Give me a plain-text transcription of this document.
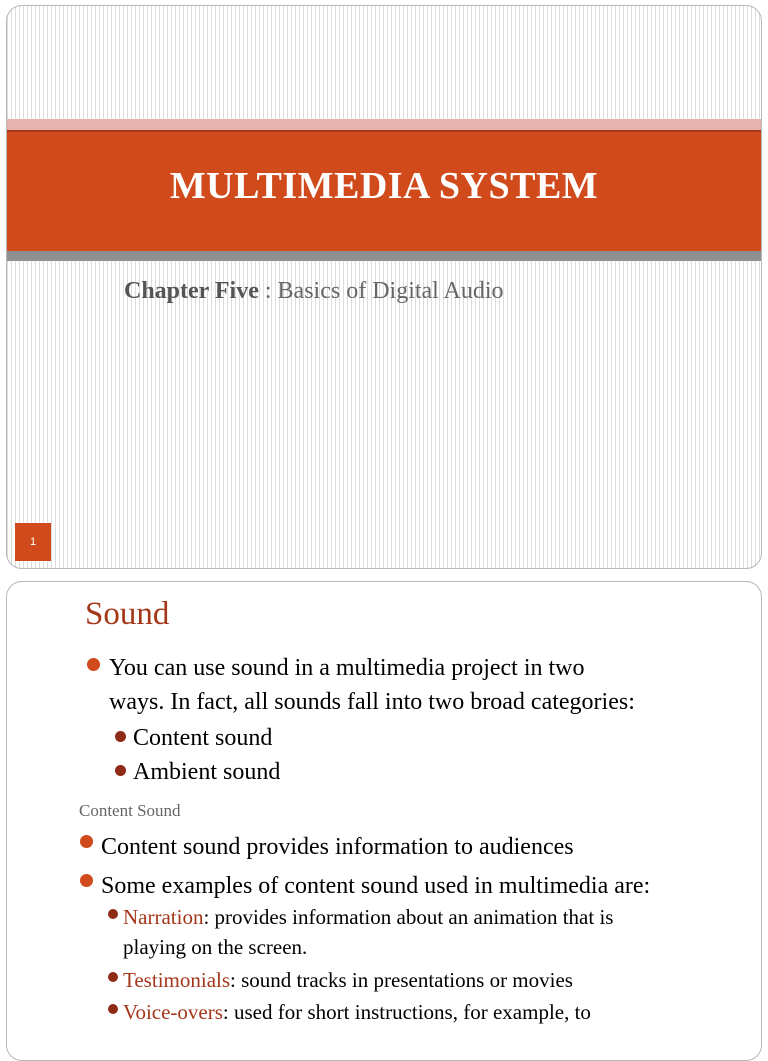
MULTIMEDIA SYSTEM
Chapter Five : Basics of Digital Audio
1
Sound
You can use sound in a multimedia project in two
ways. In fact, all sounds fall into two broad categories:
Content sound
Ambient sound
Content Sound
Content sound provides information to audiences
Some examples of content sound used in multimedia are:
Narration: provides information about an animation that is
playing on the screen.
Testimonials: sound tracks in presentations or movies
Voice-overs: used for short instructions, for example, to
